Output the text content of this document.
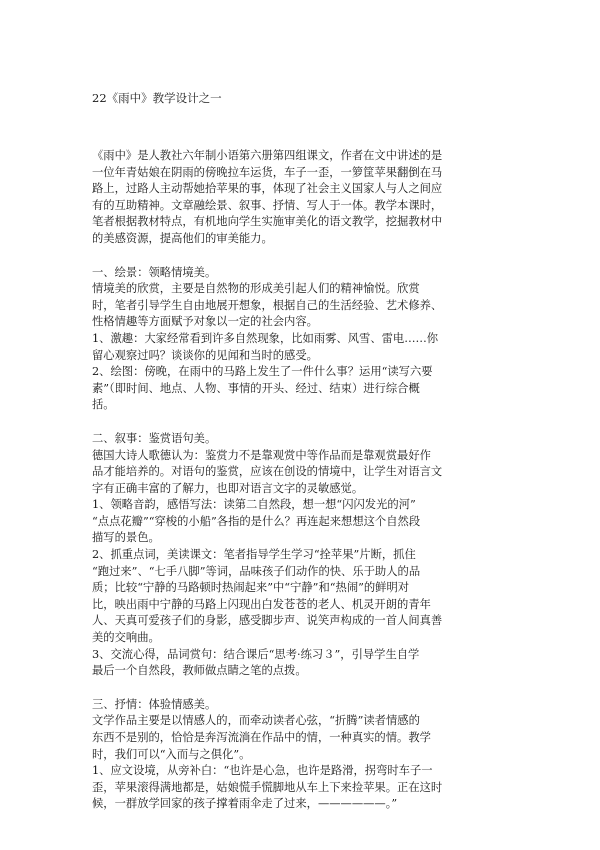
22《雨中》教学设计之一
《雨中》是人教社六年制小语第六册第四组课文，作者在文中讲述的是
一位年青姑娘在阴雨的傍晚拉车运货，车子一歪，一箩筐苹果翻倒在马
路上，过路人主动帮她拾苹果的事，体现了社会主义国家人与人之间应
有的互助精神。文章融绘景、叙事、抒情、写人于一体。教学本课时，
笔者根据教材特点，有机地向学生实施审美化的语文教学，挖掘教材中
的美感资源，提高他们的审美能力。
一、绘景：领略情境美。
情境美的欣赏，主要是自然物的形成美引起人们的精神愉悦。欣赏
时，笔者引导学生自由地展开想象，根据自己的生活经验、艺术修养、
性格情趣等方面赋予对象以一定的社会内容。
1、激趣：大家经常看到许多自然现象，比如雨雾、风雪、雷电……你
留心观察过吗？谈谈你的见闻和当时的感受。
2、绘图：傍晚，在雨中的马路上发生了一件什么事？运用“读写六要
素”（即时间、地点、人物、事情的开头、经过、结束）进行综合概
括。
二、叙事：鉴赏语句美。
德国大诗人歌德认为：鉴赏力不是靠观赏中等作品而是靠观赏最好作
品才能培养的。对语句的鉴赏，应该在创设的情境中，让学生对语言文
字有正确丰富的了解力，也即对语言文字的灵敏感觉。
1、领略音韵，感悟写法：读第二自然段，想一想“闪闪发光的河”
“点点花瓣”“穿梭的小船”各指的是什么？再连起来想想这个自然段
描写的景色。
2、抓重点词，美读课文：笔者指导学生学习“拴苹果”片断，抓住
“跑过来”、“七手八脚”等词，品味孩子们动作的快、乐于助人的品
质；比较“宁静的马路顿时热闹起来”中“宁静”和“热闹”的鲜明对
比，映出雨中宁静的马路上闪现出白发苍苍的老人、机灵开朗的青年
人、天真可爱孩子们的身影，感受脚步声、说笑声构成的一首人间真善
美的交响曲。
3、交流心得，品词赏句：结合课后“思考·练习３”，引导学生自学
最后一个自然段，教师做点睛之笔的点拨。
三、抒情：体验情感美。
文学作品主要是以情感人的，而牵动读者心弦，“折腾”读者情感的
东西不是别的，恰恰是奔泻流淌在作品中的情，一种真实的情。教学
时，我们可以“入而与之俱化”。
1、应文设境，从旁补白：“也许是心急，也许是路滑，拐弯时车子一
歪，苹果滚得满地都是，姑娘慌手慌脚地从车上下来捡苹果。正在这时
候，一群放学回家的孩子撑着雨伞走了过来，——————。”
